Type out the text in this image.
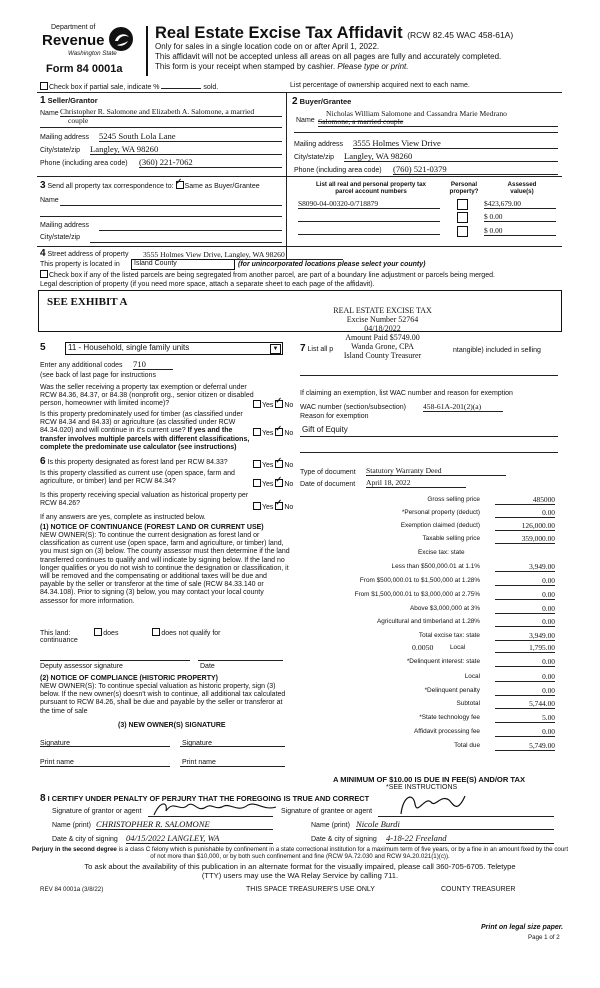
Department of
Revenue
Washington State
Form 84 0001a
Real Estate Excise Tax Affidavit (RCW 82.45 WAC 458-61A)
Only for sales in a single location code on or after April 1, 2022.
This affidavit will not be accepted unless all areas on all pages are fully and accurately completed.
This form is your receipt when stamped by cashier. Please type or print.
Check box if partial sale, indicate %	sold.	List percentage of ownership acquired next to each name.
1 Seller/Grantor
Name Christopher R. Salomone and Elizabeth A. Salomone, a married
couple
Mailing address 5245 South Lola Lane
City/state/zip Langley, WA 98260
Phone (including area code) (360) 221-7062
2 Buyer/Grantee
Name
Nicholas William Salomone and Cassandra Marie Medrano
Salomone, a married couple
Mailing address 3555 Holmes View Drive
City/state/zip Langley, WA 98260
Phone (including area code) (760) 521-0379
3 Send all property tax correspondence to: ✓ Same as Buyer/Grantee
Name
Mailing address
City/state/zip
List all real and personal property tax
parcel account numbers
Personal
property?
Assessed
value(s)
S8090-04-00320-0/718879	$423,679.00
$ 0.00
$ 0.00
4 Street address of property 3555 Holmes View Drive, Langley, WA 98260
This property is located in	Island County	(for unincorporated locations please select your county)
Check box if any of the listed parcels are being segregated from another parcel, are part of a boundary line adjustment or parcels being merged.
Legal description of property (if you need more space, attach a separate sheet to each page of the affidavit).
SEE EXHIBIT A
REAL ESTATE EXCISE TAX
Excise Number 52764
04/18/2022
Amount Paid $5749.00
Wanda Grone, CPA
Island County Treasurer
5	11 - Household, single family units	▼
Enter any additional codes 710
(see back of last page for instructions
Was the seller receiving a property tax exemption or deferral under RCW 84.36, 84.37, or 84.38 (nonprofit org., senior citizen or disabled person, homeowner with limited income)?	Yes ✓ No
Is this property predominately used for timber (as classified under RCW 84.34 and 84.33) or agriculture (as classified under RCW 84.34.020) and will continue in it's current use? If yes and the transfer involves multiple parcels with different classifications, complete the predominate use calculator (see instructions)
Yes ✓ No
7 List all p	ntangible) included in selling
If claiming an exemption, list WAC number and reason for exemption
WAC number (section/subsection) 458-61A-201(2)(a)
Reason for exemption
Gift of Equity
6 Is this property designated as forest land per RCW 84.33?	Yes ✓ No
Is this property classified as current use (open space, farm and agriculture, or timber) land per RCW 84.34?	Yes ✓ No
Is this property receiving special valuation as historical property per RCW 84.26?
Yes ✓ No
If any answers are yes, complete as instructed below.
(1) NOTICE OF CONTINUANCE (FOREST LAND OR CURRENT USE)
NEW OWNER(S): To continue the current designation as forest land or classification as current use (open space, farm and agriculture, or timber) land, you must sign on (3) below. The county assessor must then determine if the land transferred continues to qualify and will indicate by signing below. If the land no longer qualifies or you do not wish to continue the designation or classification, it will be removed and the compensating or additional taxes will be due and payable by the seller or transferor at the time of sale (RCW 84.33.140 or 84.34.108). Prior to signing (3) below, you may contact your local county assessor for more information.
This land:	does	does not qualify for
continuance
Deputy assessor signature	Date
(2) NOTICE OF COMPLIANCE (HISTORIC PROPERTY)
NEW OWNER(S): To continue special valuation as historic property, sign (3) below. If the new owner(s) doesn't wish to continue, all additional tax calculated pursuant to RCW 84.26, shall be due and payable by the seller or transferor at the time of sale
(3) NEW OWNER(S) SIGNATURE
Signature	Signature
Print name	Print name
Type of document Statutory Warranty Deed
Date of document April 18, 2022
Gross selling price	485000
*Personal property (deduct)	0.00
Exemption claimed (deduct)	126,000.00
Taxable selling price	359,000.00
Excise tax: state
Less than $500,000.01 at 1.1%	3,949.00
From $500,000.01 to $1,500,000 at 1.28%	0.00
From $1,500,000.01 to $3,000,000 at 2.75%	0.00
Above $3,000,000 at 3%	0.00
Agricultural and timberland at 1.28%	0.00
Total excise tax: state	3,949.00
*Delinquent interest: state	0.00
Local	0.00
*Delinquent penalty	0.00
Subtotal	5,744.00
*State technology fee	5.00
Affidavit processing fee	0.00
Total due	5,749.00
0.0050	Local	1,795.00
A MINIMUM OF $10.00 IS DUE IN FEE(S) AND/OR TAX
*SEE INSTRUCTIONS
8 I CERTIFY UNDER PENALTY OF PERJURY THAT THE FOREGOING IS TRUE AND CORRECT
Signature of grantor or agent
Name (print) CHRISTOPHER R. SALOMONE
Date & city of signing 04/15/2022 LANGLEY, WA
Signature of grantee or agent
Name (print) Nicole Burdi
Date & city of signing 4-18-22 Freeland
Perjury in the second degree is a class C felony which is punishable by confinement in a state correctional institution for a maximum term of five years, or by a fine in an amount fixed by the court of not more than $10,000, or by both such confinement and fine (RCW 9A.72.030 and RCW 9A.20.021(1)(c)).
To ask about the availability of this publication in an alternate format for the visually impaired, please call 360-705-6705. Teletype
(TTY) users may use the WA Relay Service by calling 711.
REV 84 0001a (3/8/22)	THIS SPACE TREASURER'S USE ONLY	COUNTY TREASURER
Print on legal size paper.
Page 1 of 2
